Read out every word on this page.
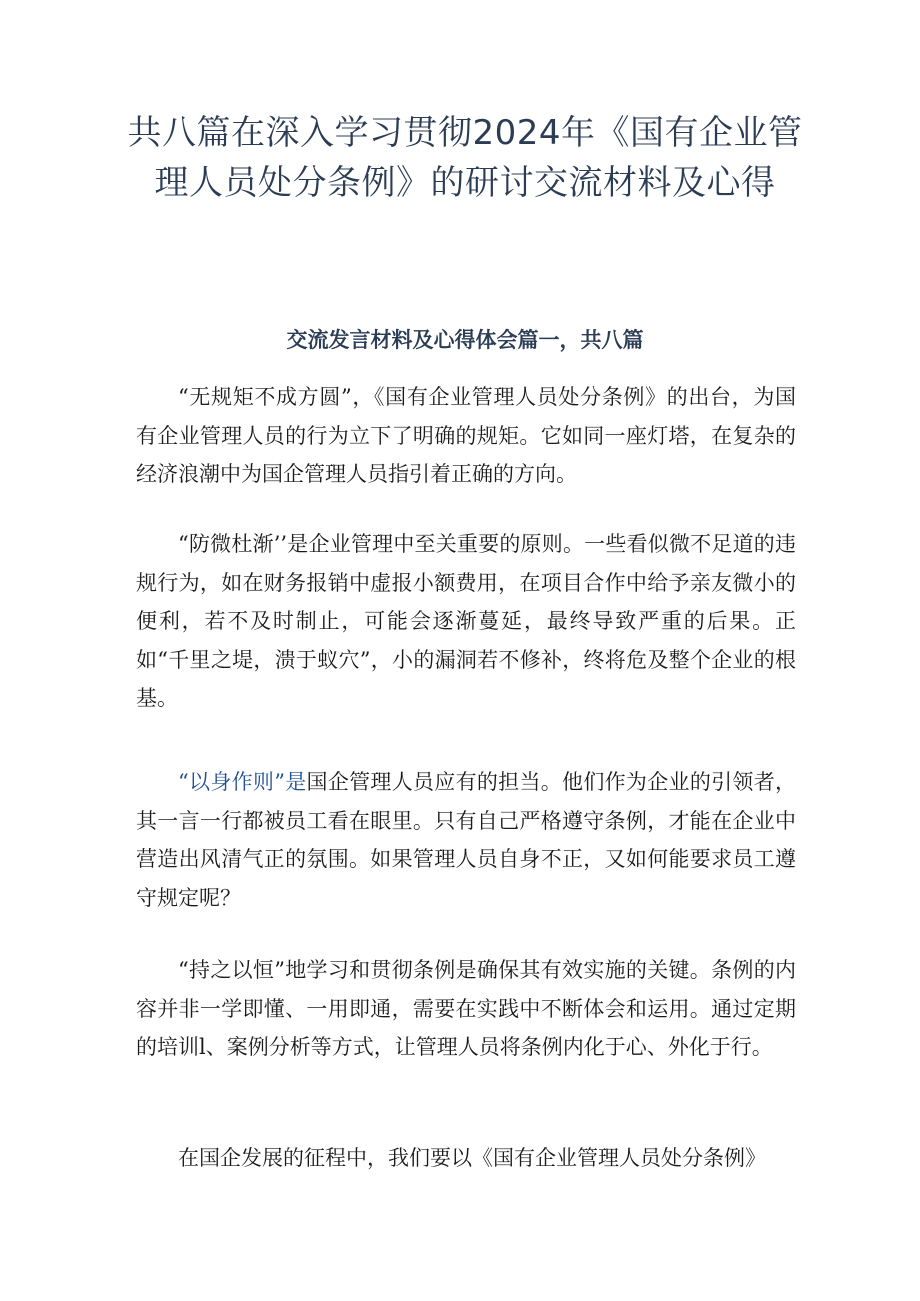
共八篇在深入学习贯彻2024年《国有企业管理人员处分条例》的研讨交流材料及心得
交流发言材料及心得体会篇一，共八篇

“无规矩不成方圆”，《国有企业管理人员处分条例》的出台，为国有企业管理人员的行为立下了明确的规矩。它如同一座灯塔，在复杂的经济浪潮中为国企管理人员指引着正确的方向。

“防微杜渐’’是企业管理中至关重要的原则。一些看似微不足道的违规行为，如在财务报销中虚报小额费用，在项目合作中给予亲友微小的便利，若不及时制止，可能会逐渐蔓延，最终导致严重的后果。正如“千里之堤，溃于蚁穴”，小的漏洞若不修补，终将危及整个企业的根基。

“以身作则”是国企管理人员应有的担当。他们作为企业的引领者，其一言一行都被员工看在眼里。只有自己严格遵守条例，才能在企业中营造出风清气正的氛围。如果管理人员自身不正，又如何能要求员工遵守规定呢？

“持之以恒”地学习和贯彻条例是确保其有效实施的关键。条例的内容并非一学即懂、一用即通，需要在实践中不断体会和运用。通过定期的培训l、案例分析等方式，让管理人员将条例内化于心、外化于行。

在国企发展的征程中，我们要以《国有企业管理人员处分条例》
